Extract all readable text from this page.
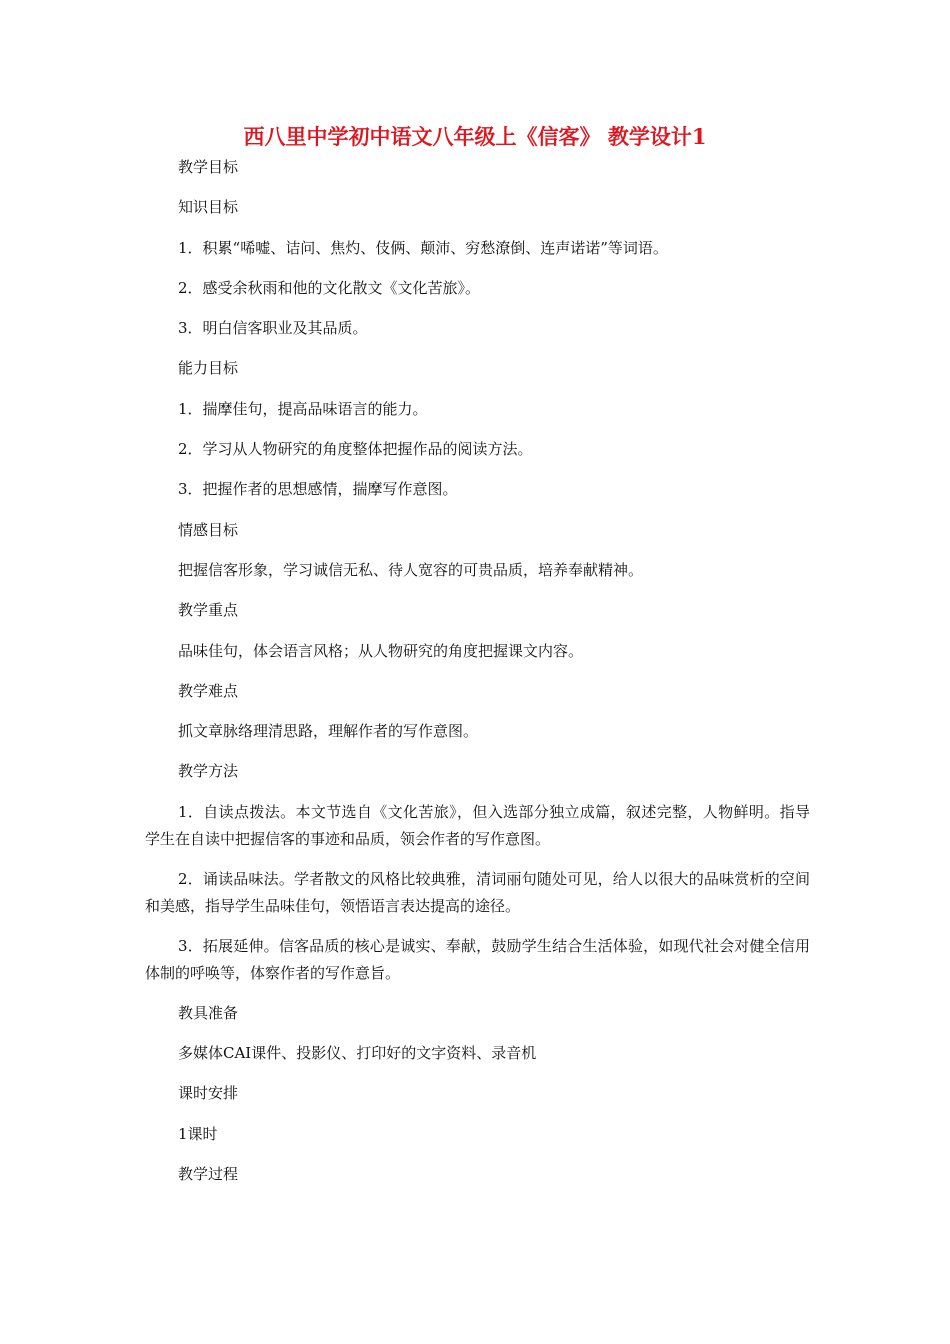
西八里中学初中语文八年级上《信客》 教学设计1
教学目标
知识目标
1．积累“唏嘘、诘问、焦灼、伎俩、颠沛、穷愁潦倒、连声诺诺”等词语。
2．感受余秋雨和他的文化散文《文化苦旅》。
3．明白信客职业及其品质。
能力目标
1．揣摩佳句，提高品味语言的能力。
2．学习从人物研究的角度整体把握作品的阅读方法。
3．把握作者的思想感情，揣摩写作意图。
情感目标
把握信客形象，学习诚信无私、待人宽容的可贵品质，培养奉献精神。
教学重点
品味佳句，体会语言风格；从人物研究的角度把握课文内容。
教学难点
抓文章脉络理清思路，理解作者的写作意图。
教学方法
1．自读点拨法。本文节选自《文化苦旅》，但入选部分独立成篇，叙述完整，人物鲜明。指导学生在自读中把握信客的事迹和品质，领会作者的写作意图。
2．诵读品味法。学者散文的风格比较典雅，清词丽句随处可见，给人以很大的品味赏析的空间和美感，指导学生品味佳句，领悟语言表达提高的途径。
3．拓展延伸。信客品质的核心是诚实、奉献，鼓励学生结合生活体验，如现代社会对健全信用体制的呼唤等，体察作者的写作意旨。
教具准备
多媒体CAI课件、投影仪、打印好的文字资料、录音机
课时安排
1课时
教学过程
